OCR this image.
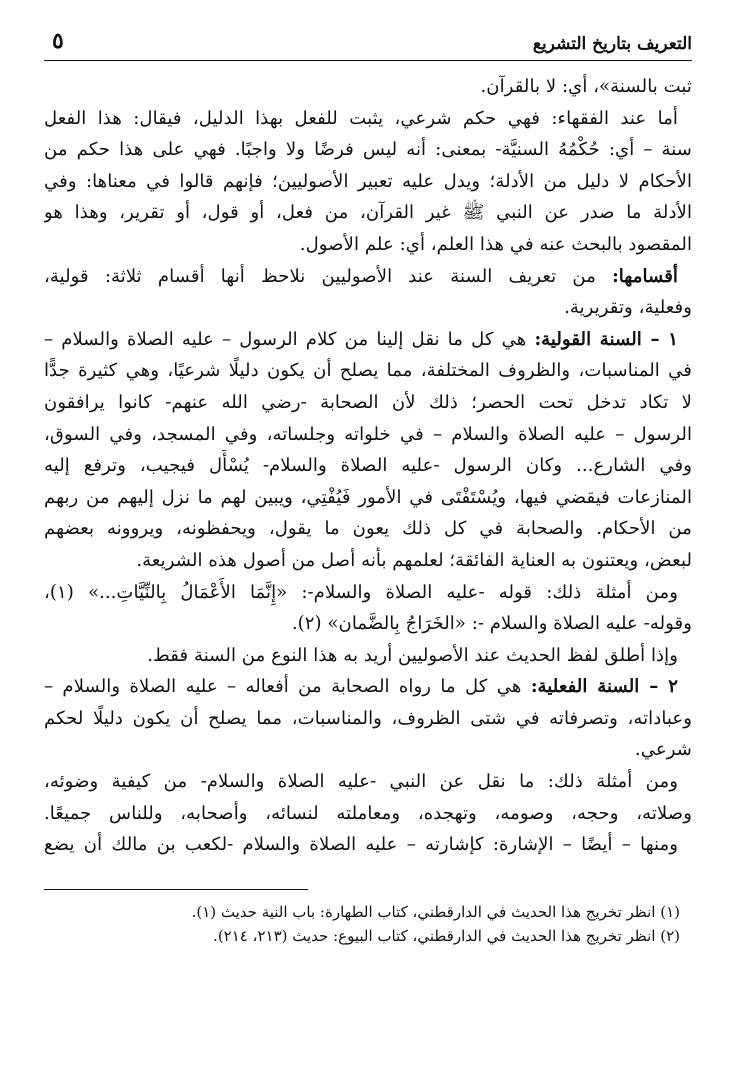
التعريف بتاريخ التشريع
٥

ثبت بالسنة»، أي: لا بالقرآن.

أما عند الفقهاء: فهي حكم شرعي، يثبت للفعل بهذا الدليل، فيقال: هذا الفعل

سنة – أي: حُكْمُهُ السنيَّة- بمعنى: أنه ليس فرضًا ولا واجبًا. فهي على هذا حكم من

الأحكام لا دليل من الأدلة؛ ويدل عليه تعبير الأصوليين؛ فإنهم قالوا في معناها: وفي

الأدلة ما صدر عن النبي ﷺ غير القرآن، من فعل، أو قول، أو تقرير، وهذا هو

المقصود بالبحث عنه في هذا العلم، أي: علم الأصول.

أقسامها: من تعريف السنة عند الأصوليين نلاحظ أنها أقسام ثلاثة: قولية،

وفعلية، وتقريرية.

١ – السنة القولية: هي كل ما نقل إلينا من كلام الرسول – عليه الصلاة والسلام –

في المناسبات، والظروف المختلفة، مما يصلح أن يكون دليلًا شرعيًا، وهي كثيرة جدًّا

لا تكاد تدخل تحت الحصر؛ ذلك لأن الصحابة -رضي الله عنهم- كانوا يرافقون

الرسول – عليه الصلاة والسلام – في خلواته وجلساته، وفي المسجد، وفي السوق،

وفي الشارع... وكان الرسول -عليه الصلاة والسلام- يُسْأَل فيجيب، وترفع إليه

المنازعات فيقضي فيها، ويُسْتَفْتَى في الأمور فَيُفْتِي، ويبين لهم ما نزل إليهم من ربهم

من الأحكام. والصحابة في كل ذلك يعون ما يقول، ويحفظونه، ويروونه بعضهم

لبعض، ويعتنون به العناية الفائقة؛ لعلمهم بأنه أصل من أصول هذه الشريعة.

ومن أمثلة ذلك: قوله -عليه الصلاة والسلام-: «إِنَّمَا الأَعْمَالُ بِالنِّيَّاتِ...» (١)،

وقوله- عليه الصلاة والسلام -: «الخَرَاجُ بِالضَّمان» (٢).

وإذا أطلق لفظ الحديث عند الأصوليين أريد به هذا النوع من السنة فقط.

٢ – السنة الفعلية: هي كل ما رواه الصحابة من أفعاله – عليه الصلاة والسلام –

وعباداته، وتصرفاته في شتى الظروف، والمناسبات، مما يصلح أن يكون دليلًا لحكم

شرعي.

ومن أمثلة ذلك: ما نقل عن النبي -عليه الصلاة والسلام- من كيفية وضوئه،

وصلاته، وحجه، وصومه، وتهجده، ومعاملته لنسائه، وأصحابه، وللناس جميعًا.

ومنها – أيضًا – الإشارة: كإشارته – عليه الصلاة والسلام -لكعب بن مالك أن يضع

(١) انظر تخريج هذا الحديث في الدارقطني، كتاب الطهارة: باب النية حديث (١).

(٢) انظر تخريج هذا الحديث في الدارقطني، كتاب البيوع: حديث (٢١٣، ٢١٤).
